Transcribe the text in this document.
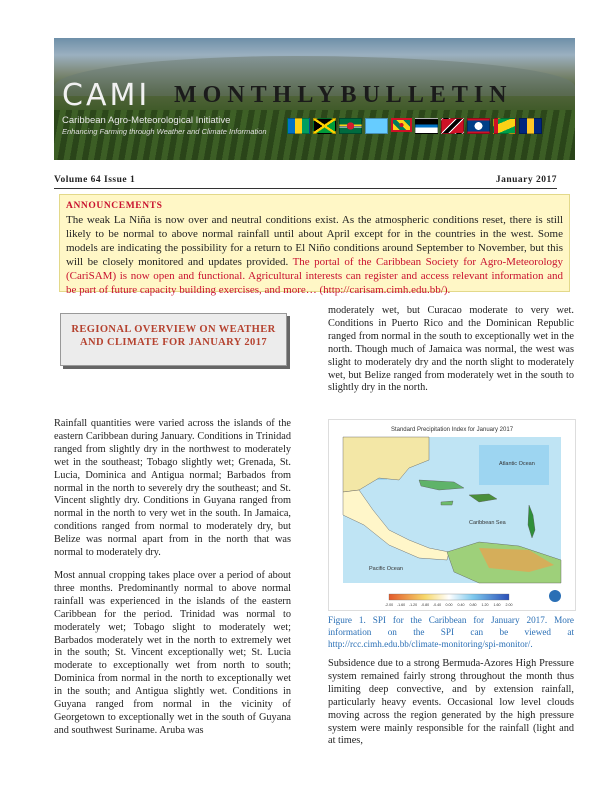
CAMI MONTHLYBULLETIN
Caribbean Agro-Meteorological Initiative
Enhancing Farming through Weather and Climate Information
Volume 64 Issue 1	January 2017
ANNOUNCEMENTS
The weak La Niña is now over and neutral conditions exist. As the atmospheric conditions reset, there is still likely to be normal to above normal rainfall until about April except for in the countries in the west. Some models are indicating the possibility for a return to El Niño conditions around September to November, but this will be closely monitored and updates provided. The portal of the Caribbean Society for Agro-Meteorology (CariSAM) is now open and functional. Agricultural interests can register and access relevant information and be part of future capacity building exercises, and more… (http://carisam.cimh.edu.bb/).
REGIONAL OVERVIEW ON WEATHER AND CLIMATE FOR JANUARY 2017

Rainfall quantities were varied across the islands of the eastern Caribbean during January. Conditions in Trinidad ranged from slightly dry in the northwest to moderately wet in the southeast; Tobago slightly wet; Grenada, St. Lucia, Dominica and Antigua normal; Barbados from normal in the north to severely dry the southeast; and St. Vincent slightly dry. Conditions in Guyana ranged from normal in the north to very wet in the south. In Jamaica, conditions ranged from normal to moderately dry, but Belize was normal apart from in the north that was normal to moderately dry.

Most annual cropping takes place over a period of about three months. Predominantly normal to above normal rainfall was experienced in the islands of the eastern Caribbean for the period. Trinidad was normal to moderately wet; Tobago slight to moderately wet; Barbados moderately wet in the north to extremely wet in the south; St. Vincent exceptionally wet; St. Lucia moderate to exceptionally wet from north to south; Dominica from normal in the north to exceptionally wet in the south; and Antigua slightly wet. Conditions in Guyana ranged from normal in the vicinity of Georgetown to exceptionally wet in the south of Guyana and southwest Suriname. Aruba was

moderately wet, but Curacao moderate to very wet. Conditions in Puerto Rico and the Dominican Republic ranged from normal in the south to exceptionally wet in the north. Though much of Jamaica was normal, the west was slight to moderately dry and the north slight to moderately wet, but Belize ranged from moderately wet in the south to slightly dry in the north.

Standard Precipitation Index for January 2017
Atlantic Ocean
Caribbean Sea
Pacific Ocean
-2.00 -1.60 -1.20 -0.80 -0.40 0.00 0.40 0.80 1.20 1.60 2.00
Figure 1. SPI for the Caribbean for January 2017. More information on the SPI can be viewed at http://rcc.cimh.edu.bb/climate-monitoring/spi-monitor/.

Subsidence due to a strong Bermuda-Azores High Pressure system remained fairly strong throughout the month thus limiting deep convective, and by extension rainfall, particularly heavy events. Occasional low level clouds moving across the region generated by the high pressure system were mainly responsible for the rainfall (light and at times,
